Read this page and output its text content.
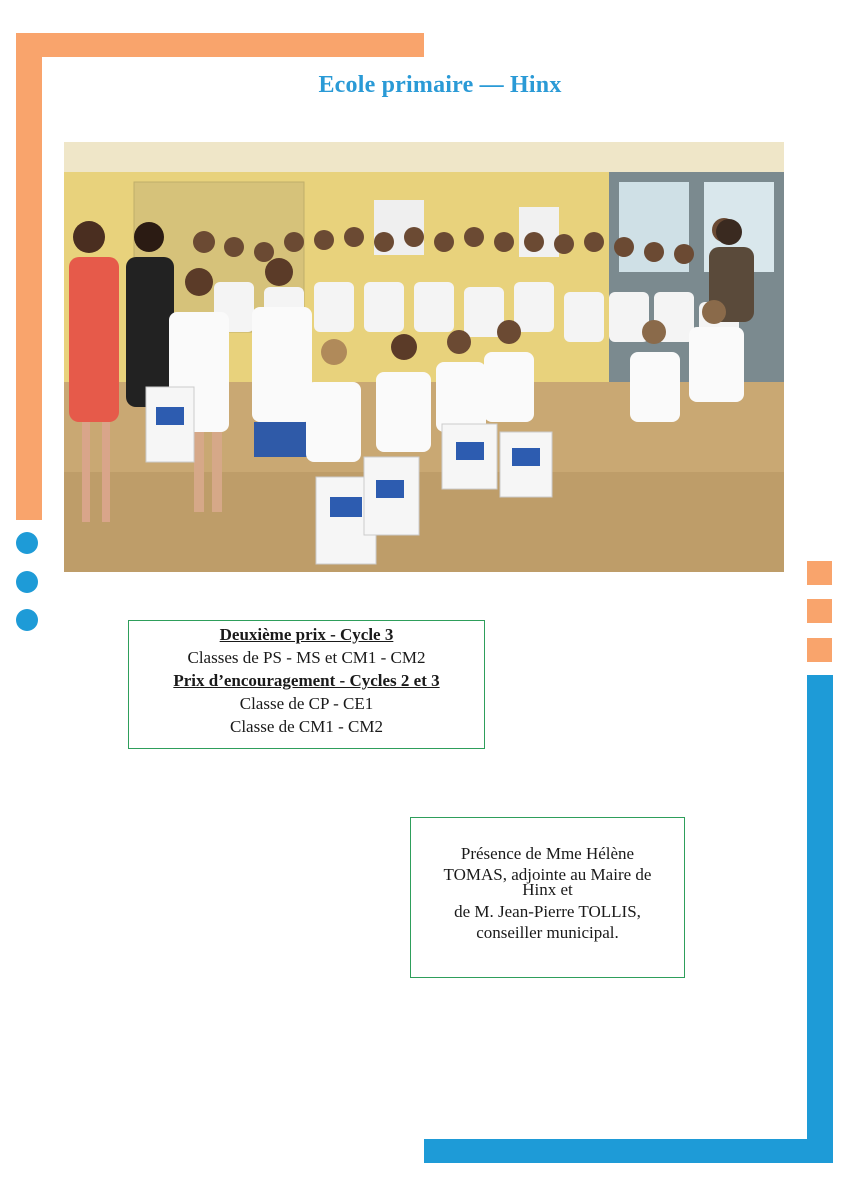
Ecole primaire — Hinx
Deuxième prix - Cycle 3
Classes de PS - MS et CM1 - CM2
Prix d’encouragement - Cycles 2 et 3
Classe de CP - CE1
Classe de CM1 - CM2

Présence de Mme Hélène

TOMAS, adjointe au Maire de

Hinx et

de M. Jean-Pierre TOLLIS,

conseiller municipal.
